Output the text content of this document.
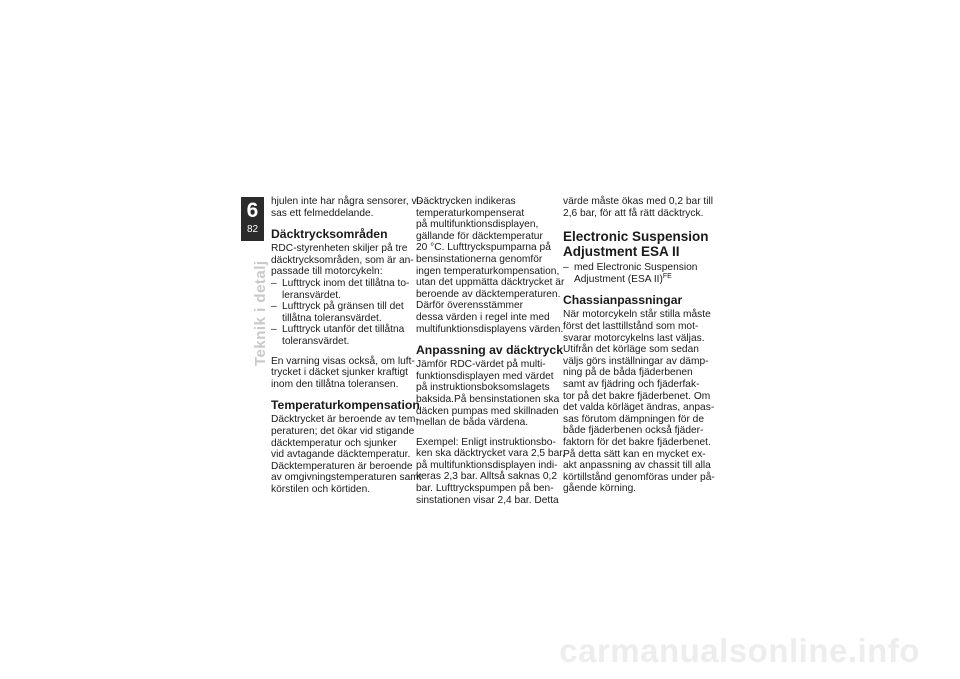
6
82
Teknik i detalj
hjulen inte har några sensorer, vi-
sas ett felmeddelande.
Däcktrycksområden
RDC-styrenheten skiljer på tre
däcktrycksområden, som är an-
passade till motorcykeln:
– Lufttryck inom det tillåtna to-
leransvärdet.
– Lufttryck på gränsen till det
tillåtna toleransvärdet.
– Lufttryck utanför det tillåtna
toleransvärdet.
En varning visas också, om luft-
trycket i däcket sjunker kraftigt
inom den tillåtna toleransen.
Temperaturkompensation
Däcktrycket är beroende av tem-
peraturen; det ökar vid stigande
däcktemperatur och sjunker
vid avtagande däcktemperatur.
Däcktemperaturen är beroende
av omgivningstemperaturen samt
körstilen och körtiden.
Däcktrycken indikeras
temperaturkompenserat
på multifunktionsdisplayen,
gällande för däcktemperatur
20 °C. Lufttryckspumparna på
bensinstationerna genomför
ingen temperaturkompensation,
utan det uppmätta däcktrycket är
beroende av däcktemperaturen.
Därför överensstämmer
dessa värden i regel inte med
multifunktionsdisplayens värden.
Anpassning av däcktryck
Jämför RDC-värdet på multi-
funktionsdisplayen med värdet
på instruktionsboksomslagets
baksida.På bensinstationen ska
däcken pumpas med skillnaden
mellan de båda värdena.
Exempel: Enligt instruktionsbo-
ken ska däcktrycket vara 2,5 bar,
på multifunktionsdisplayen indi-
keras 2,3 bar. Alltså saknas 0,2
bar. Lufttryckspumpen på ben-
sinstationen visar 2,4 bar. Detta
värde måste ökas med 0,2 bar till
2,6 bar, för att få rätt däcktryck.
Electronic Suspension
Adjustment ESA II
– med Electronic Suspension
Adjustment (ESA II)$^{FE}$
Chassianpassningar
När motorcykeln står stilla måste
först det lasttillstånd som mot-
svarar motorcykelns last väljas.
Utifrån det körläge som sedan
väljs görs inställningar av dämp-
ning på de båda fjäderbenen
samt av fjädring och fjäderfak-
tor på det bakre fjäderbenet. Om
det valda körläget ändras, anpas-
sas förutom dämpningen för de
både fjäderbenen också fjäder-
faktorn för det bakre fjäderbenet.
På detta sätt kan en mycket ex-
akt anpassning av chassit till alla
körtillstånd genomföras under på-
gående körning.
carmanualsonline.info
